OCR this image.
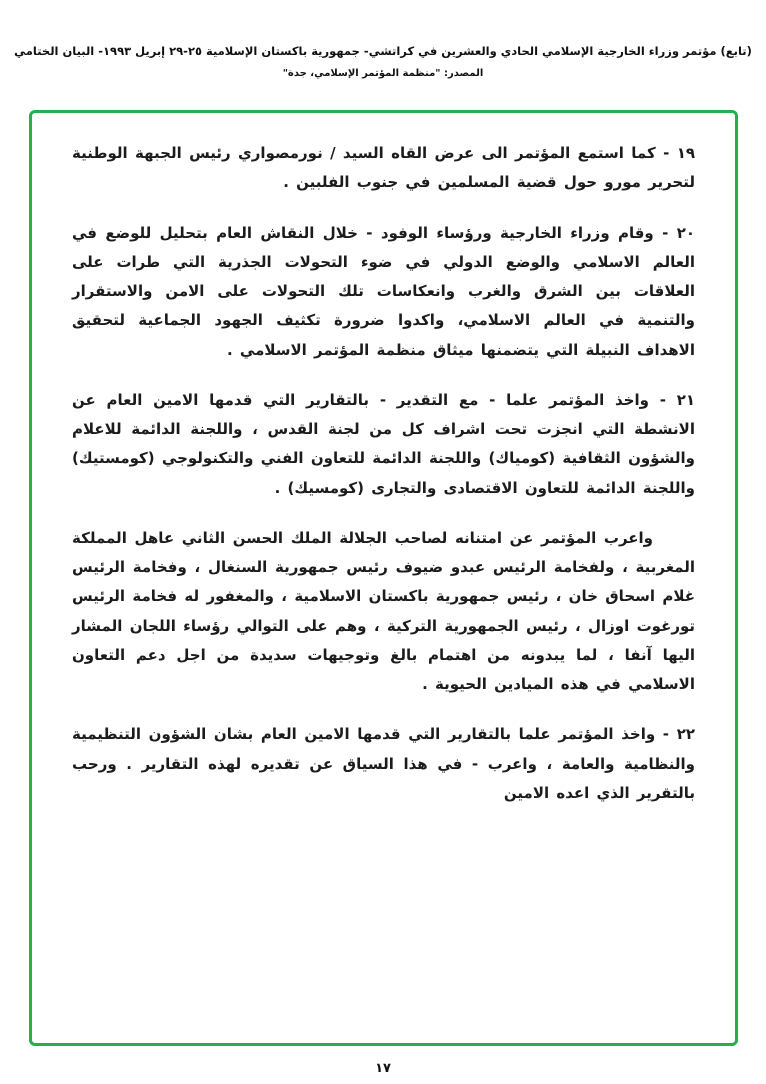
(تابع) مؤتمر وزراء الخارجية الإسلامي الحادي والعشرين في كراتشي- جمهورية باكستان الإسلامية ٢٥-٢٩ إبريل ١٩٩٣- البيان الختامي
المصدر: "منظمة المؤتمر الإسلامي، جدة"
١٩ - كما استمع المؤتمر الى عرض القاه السيد / نورمصواري رئيس الجبهة الوطنية لتحرير مورو حول قضية المسلمين في جنوب الفلبين .
٢٠ - وقام وزراء الخارجية ورؤساء الوفود - خلال النقاش العام بتحليل للوضع في العالم الاسلامي والوضع الدولي في ضوء التحولات الجذرية التي طرات على العلاقات بين الشرق والغرب وانعكاسات تلك التحولات على الامن والاستقرار والتنمية في العالم الاسلامي، واكدوا ضرورة تكثيف الجهود الجماعية لتحقيق الاهداف النبيلة التي يتضمنها ميثاق منظمة المؤتمر الاسلامي .
٢١ - واخذ المؤتمر علما - مع التقدير - بالتقارير التي قدمها الامين العام عن الانشطة التي انجزت تحت اشراف كل من لجنة القدس ، واللجنة الدائمة للاعلام والشؤون الثقافية (كومياك) واللجنة الدائمة للتعاون الفني والتكنولوجي (كومستيك) واللجنة الدائمة للتعاون الاقتصادى والتجارى (كومسيك) .
واعرب المؤتمر عن امتنانه لصاحب الجلالة الملك الحسن الثاني عاهل المملكة المغربية ، ولفخامة الرئيس عبدو ضيوف رئيس جمهورية السنغال ، وفخامة الرئيس غلام اسحاق خان ، رئيس جمهورية باكستان الاسلامية ، والمغفور له فخامة الرئيس تورغوت اوزال ، رئيس الجمهورية التركية ، وهم على التوالي رؤساء اللجان المشار اليها آنفا ، لما يبدونه من اهتمام بالغ وتوجيهات سديدة من اجل دعم التعاون الاسلامي في هذه الميادين الحيوية .
٢٢ - واخذ المؤتمر علما بالتقارير التي قدمها الامين العام بشان الشؤون التنظيمية والنظامية والعامة ، واعرب - في هذا السياق عن تقديره لهذه التقارير . ورحب بالتقرير الذي اعده الامين
١٧
